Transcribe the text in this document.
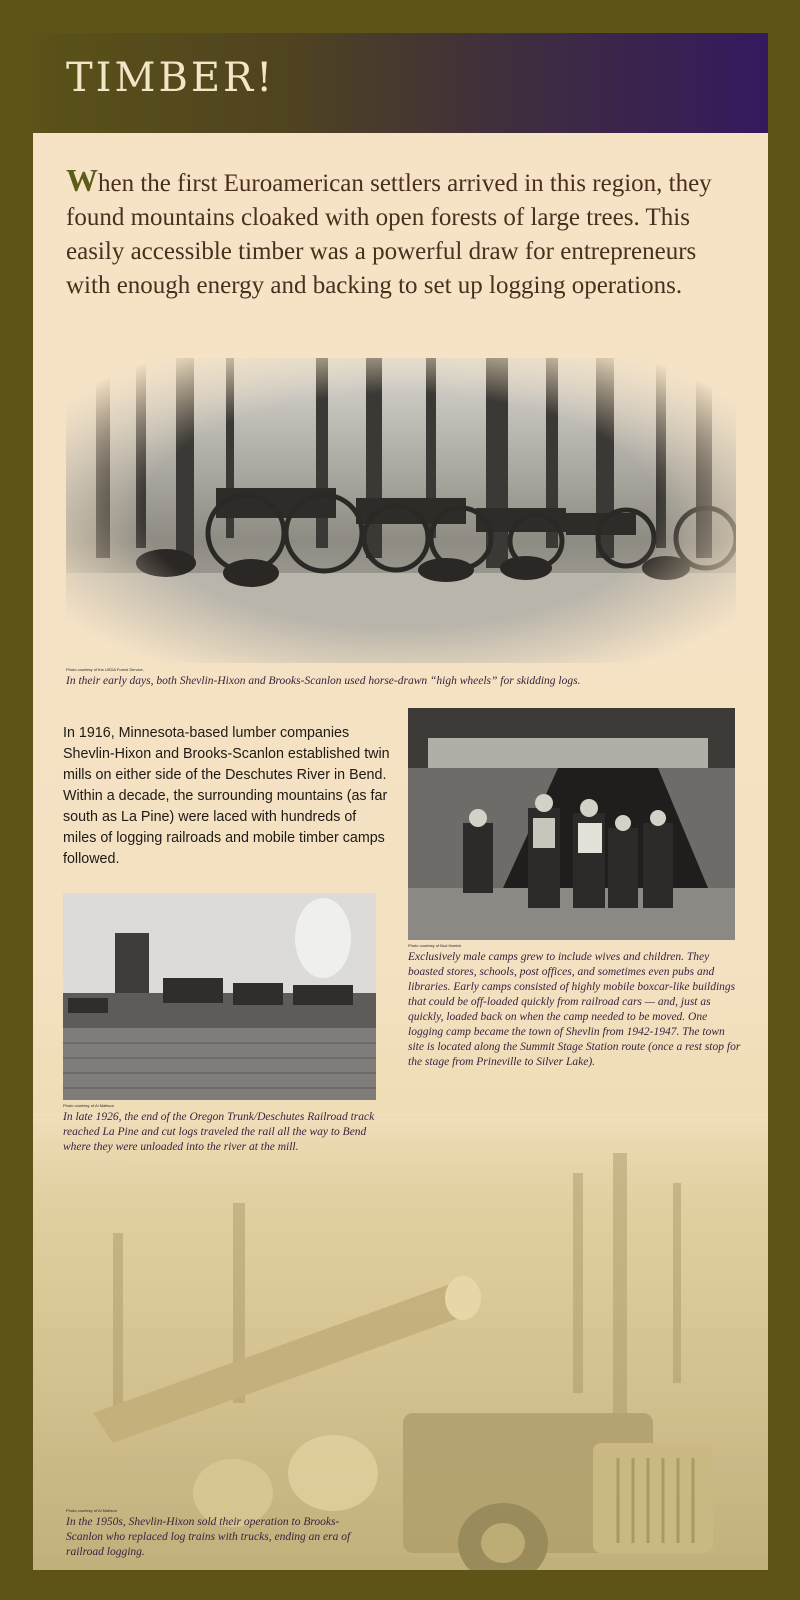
TIMBER!

When the first Euroamerican settlers arrived in this region, they found mountains cloaked with open forests of large trees. This easily accessible timber was a powerful draw for entrepreneurs with enough energy and backing to set up logging operations.

Photo courtesy of the USDA Forest Service.

In their early days, both Shevlin-Hixon and Brooks-Scanlon used horse-drawn “high wheels” for skidding logs.

In 1916, Minnesota-based lumber companies Shevlin-Hixon and Brooks-Scanlon established twin mills on either side of the Deschutes River in Bend. Within a decade, the surrounding mountains (as far south as La Pine) were laced with hundreds of miles of logging railroads and mobile timber camps followed.

Photo courtesy of Bud Harrick

Exclusively male camps grew to include wives and children. They boasted stores, schools, post offices, and sometimes even pubs and libraries. Early camps consisted of highly mobile boxcar-like buildings that could be off-loaded quickly from railroad cars — and, just as quickly, loaded back on when the camp needed to be moved. One logging camp became the town of Shevlin from 1942-1947. The town site is located along the Summit Stage Station route (once a rest stop for the stage from Prineville to Silver Lake).

Photo courtesy of Al Mattson

In late 1926, the end of the Oregon Trunk/Deschutes Railroad track reached La Pine and cut logs traveled the rail all the way to Bend where they were unloaded into the river at the mill.

Photo courtesy of Al Mattson

In the 1950s, Shevlin-Hixon sold their operation to Brooks-Scanlon who replaced log trains with trucks, ending an era of railroad logging.
